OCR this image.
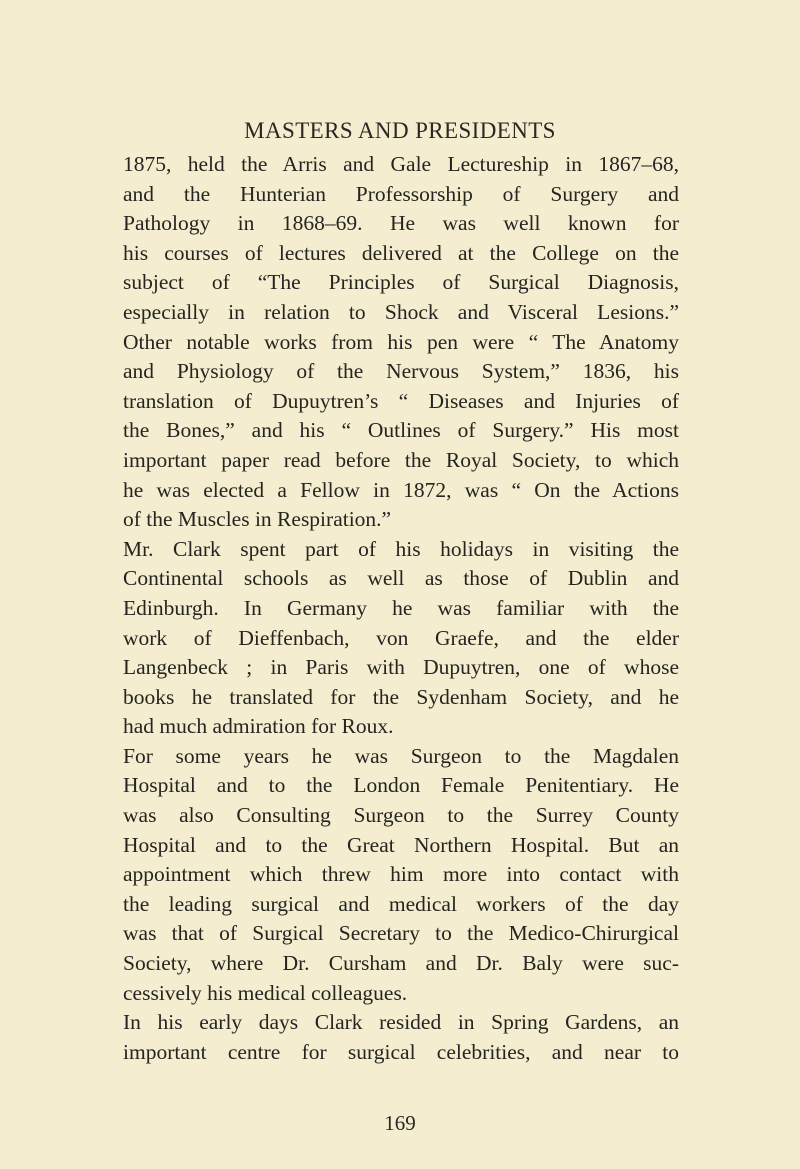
MASTERS AND PRESIDENTS
1875, held the Arris and Gale Lectureship in 1867–68,
and the Hunterian Professorship of Surgery and
Pathology in 1868–69. He was well known for
his courses of lectures delivered at the College on the
subject of “The Principles of Surgical Diagnosis,
especially in relation to Shock and Visceral Lesions.”
Other notable works from his pen were “ The Anatomy
and Physiology of the Nervous System,” 1836, his
translation of Dupuytren’s “ Diseases and Injuries of
the Bones,” and his “ Outlines of Surgery.” His most
important paper read before the Royal Society, to which
he was elected a Fellow in 1872, was “ On the Actions
of the Muscles in Respiration.”
Mr. Clark spent part of his holidays in visiting the
Continental schools as well as those of Dublin and
Edinburgh. In Germany he was familiar with the
work of Dieffenbach, von Graefe, and the elder
Langenbeck ; in Paris with Dupuytren, one of whose
books he translated for the Sydenham Society, and he
had much admiration for Roux.
For some years he was Surgeon to the Magdalen
Hospital and to the London Female Penitentiary. He
was also Consulting Surgeon to the Surrey County
Hospital and to the Great Northern Hospital. But an
appointment which threw him more into contact with
the leading surgical and medical workers of the day
was that of Surgical Secretary to the Medico-Chirurgical
Society, where Dr. Cursham and Dr. Baly were suc-
cessively his medical colleagues.
In his early days Clark resided in Spring Gardens, an
important centre for surgical celebrities, and near to
169
